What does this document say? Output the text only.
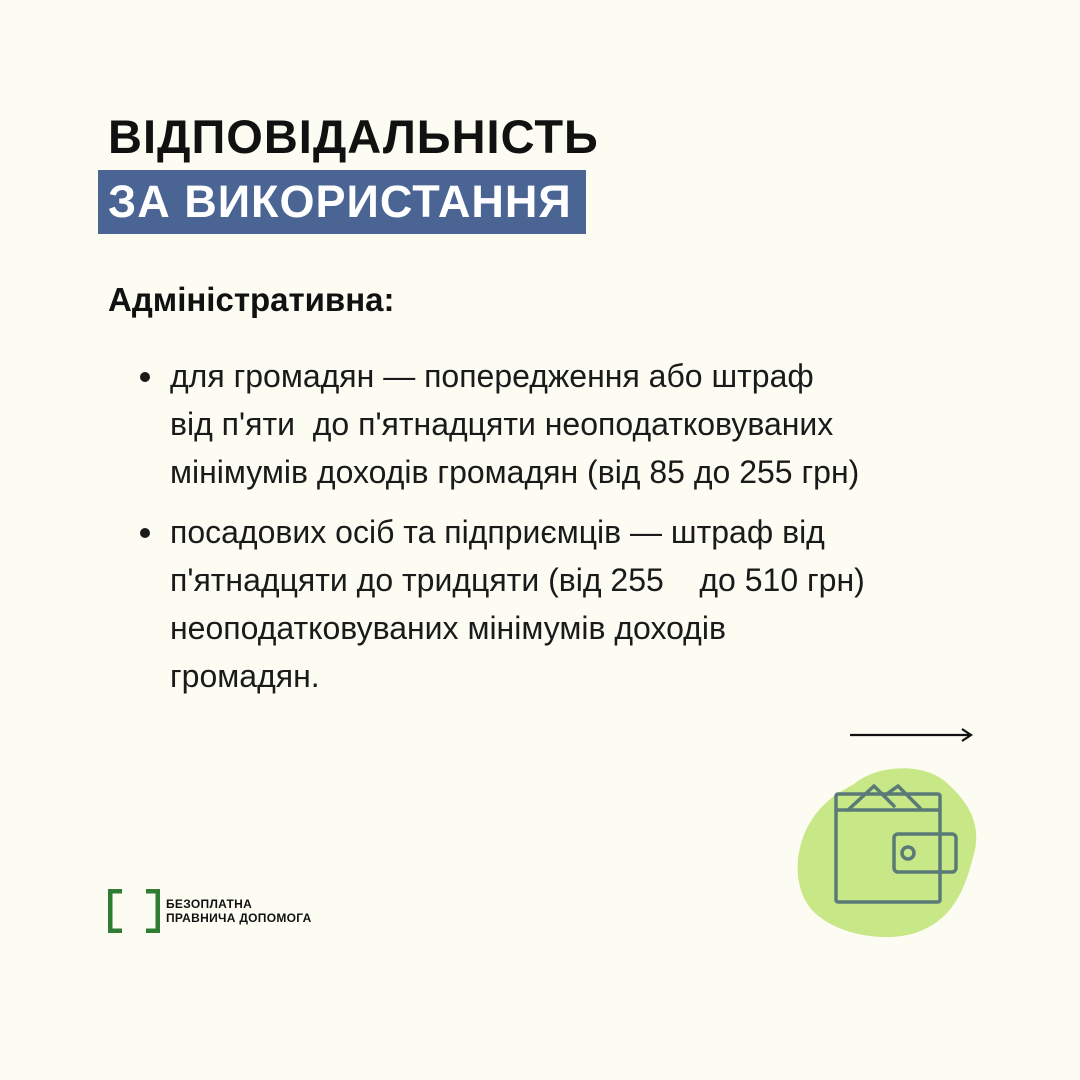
ВІДПОВІДАЛЬНІСТЬ
ЗА ВИКОРИСТАННЯ
Адміністративна:
для громадян — попередження або штраф
від п'яти  до п'ятнадцяти неоподатковуваних
мінімумів доходів громадян (від 85 до 255 грн)
посадових осіб та підприємців — штраф від
п'ятнадцяти до тридцяти (від 255    до 510 грн)
неоподатковуваних мінімумів доходів
громадян.
БЕЗОПЛАТНА
ПРАВНИЧА ДОПОМОГА
